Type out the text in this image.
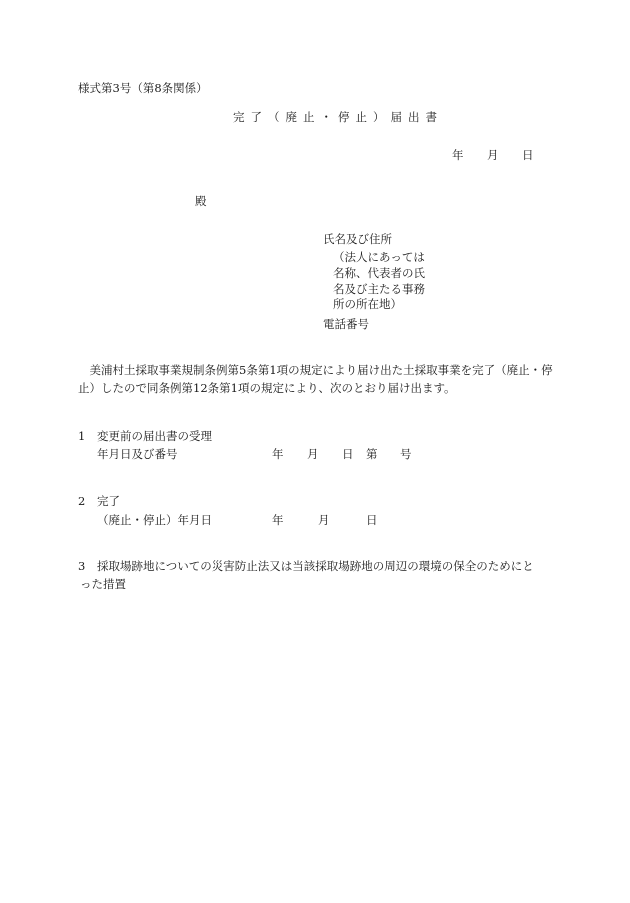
様式第3号（第8条関係）
完了（廃止・停止）届出書
年 月 日
殿
氏名及び住所
（法人にあっては
名称、代表者の氏
名及び主たる事務
所の所在地）
電話番号
　美浦村土採取事業規制条例第5条第1項の規定により届け出た土採取事業を完了（廃止・停
止）したので同条例第12条第1項の規定により、次のとおり届け出ます。
1 変更前の届出書の受理
年月日及び番号	年 月 日 第 号
2 完了
（廃止・停止）年月日	年	月	日
3 採取場跡地についての災害防止法又は当該採取場跡地の周辺の環境の保全のためにと
った措置
